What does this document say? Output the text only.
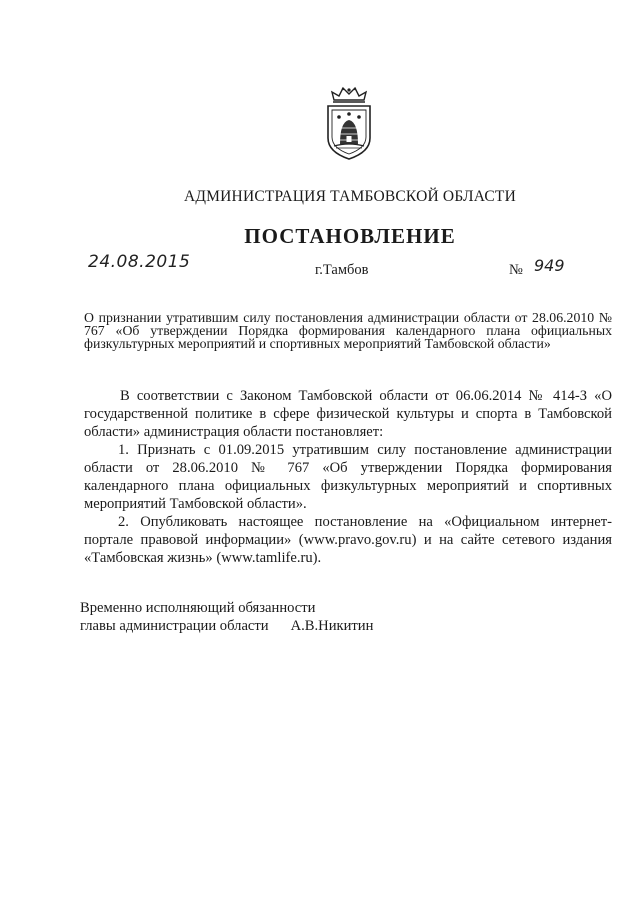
АДМИНИСТРАЦИЯ ТАМБОВСКОЙ ОБЛАСТИ
ПОСТАНОВЛЕНИЕ
24.08.2015	г.Тамбов	№ 949
О признании утратившим силу постановления администрации области от 28.06.2010 № 767 «Об утверждении Порядка формирования календарного плана официальных физкультурных мероприятий и спортивных мероприятий Тамбовской области»

В соответствии с Законом Тамбовской области от 06.06.2014 № 414-З «О государственной политике в сфере физической культуры и спорта в Тамбовской области» администрация области постановляет:

1. Признать с 01.09.2015 утратившим силу постановление администрации области от 28.06.2010 № 767 «Об утверждении Порядка формирования календарного плана официальных физкультурных мероприятий и спортивных мероприятий Тамбовской области».

2. Опубликовать настоящее постановление на «Официальном интернет-портале правовой информации» (www.pravo.gov.ru) и на сайте сетевого издания «Тамбовская жизнь» (www.tamlife.ru).

Временно исполняющий обязанности
главы администрации области А.В.Никитин
